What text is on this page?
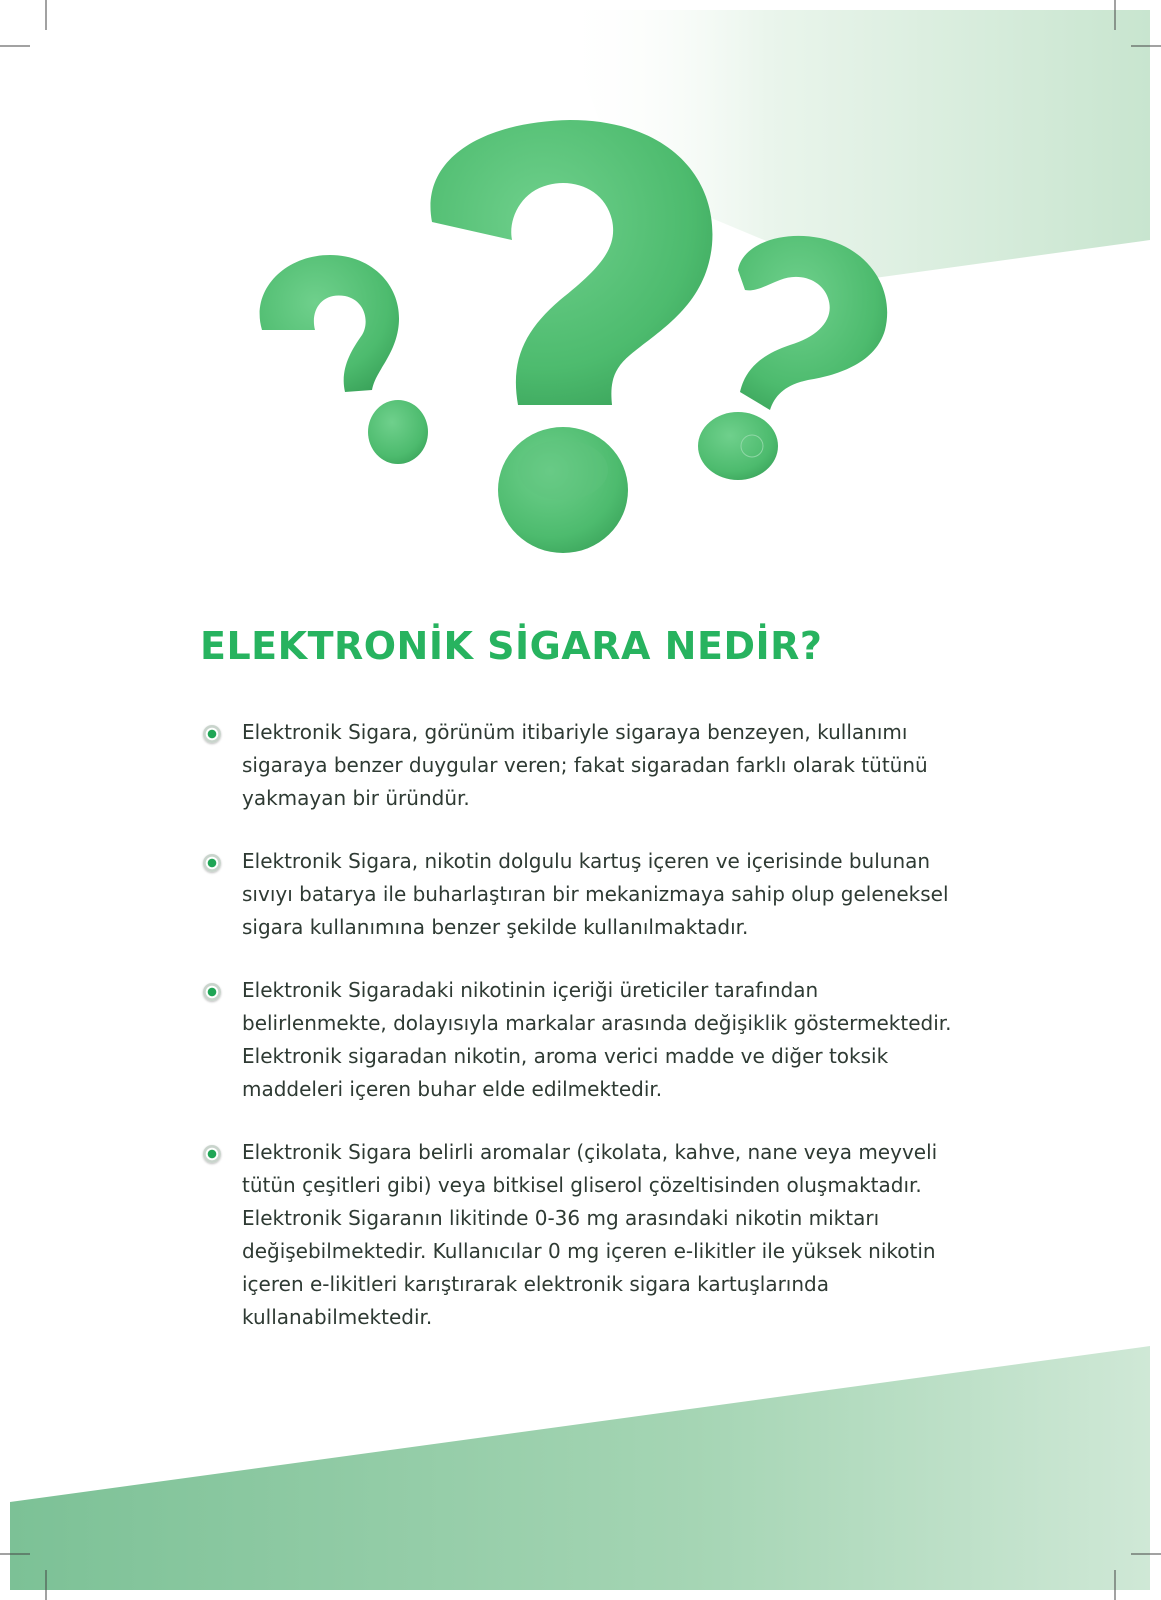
ELEKTRONİK SİGARA NEDİR?

Elektronik Sigara, görünüm itibariyle sigaraya benzeyen, kullanımı sigaraya benzer duygular veren; fakat sigaradan farklı olarak tütünü yakmayan bir üründür.

Elektronik Sigara, nikotin dolgulu kartuş içeren ve içerisinde bulunan sıvıyı batarya ile buharlaştıran bir mekanizmaya sahip olup geleneksel sigara kullanımına benzer şekilde kullanılmaktadır.

Elektronik Sigaradaki nikotinin içeriği üreticiler tarafından belirlenmekte, dolayısıyla markalar arasında değişiklik göstermektedir. Elektronik sigaradan nikotin, aroma verici madde ve diğer toksik maddeleri içeren buhar elde edilmektedir.

Elektronik Sigara belirli aromalar (çikolata, kahve, nane veya meyveli tütün çeşitleri gibi) veya bitkisel gliserol çözeltisinden oluşmaktadır. Elektronik Sigaranın likitinde 0-36 mg arasındaki nikotin miktarı değişebilmektedir. Kullanıcılar 0 mg içeren e-likitler ile yüksek nikotin içeren e-likitleri karıştırarak elektronik sigara kartuşlarında kullanabilmektedir.
